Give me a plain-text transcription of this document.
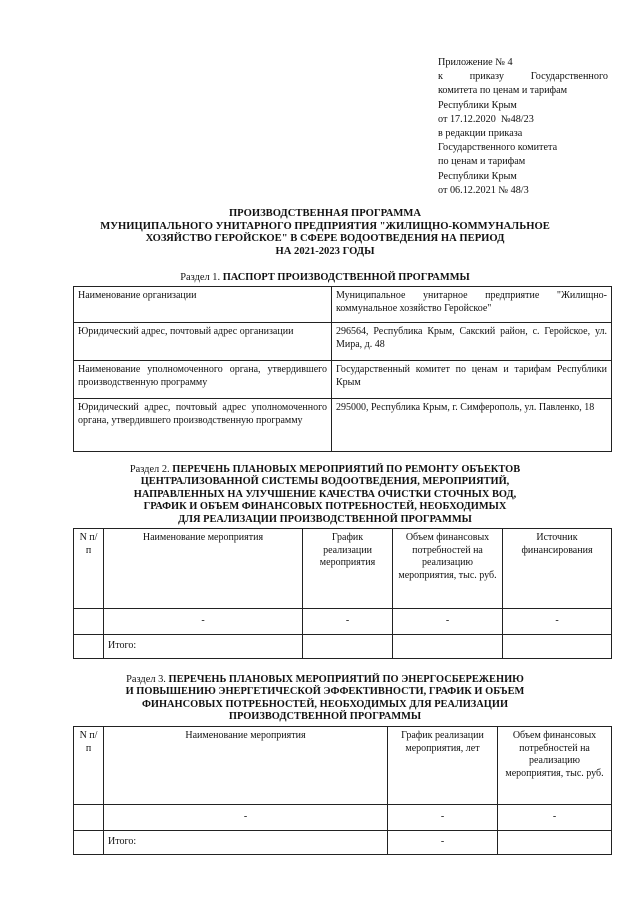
Приложение № 4
к	приказу	Государственного
комитета по ценам и тарифам
Республики Крым
от 17.12.2020  №48/23
в редакции приказа
Государственного комитета
по ценам и тарифам
Республики Крым
от 06.12.2021 № 48/3
ПРОИЗВОДСТВЕННАЯ ПРОГРАММА
МУНИЦИПАЛЬНОГО УНИТАРНОГО ПРЕДПРИЯТИЯ "ЖИЛИЩНО-КОММУНАЛЬНОЕ
ХОЗЯЙСТВО ГЕРОЙСКОЕ" В СФЕРЕ ВОДООТВЕДЕНИЯ НА ПЕРИОД
НА 2021-2023 ГОДЫ
Раздел 1. ПАСПОРТ ПРОИЗВОДСТВЕННОЙ ПРОГРАММЫ
Наименование организации	Муниципальное унитарное предприятие "Жилищно-коммунальное хозяйство Геройское"
Юридический адрес, почтовый адрес организации	296564, Республика Крым, Сакский район, с. Геройское, ул. Мира, д. 48
Наименование уполномоченного органа, утвердившего производственную программу	Государственный комитет по ценам и тарифам Республики Крым
Юридический адрес, почтовый адрес уполномоченного органа, утвердившего производственную программу	295000, Республика Крым, г. Симферополь, ул. Павленко, 18
Раздел 2. ПЕРЕЧЕНЬ ПЛАНОВЫХ МЕРОПРИЯТИЙ ПО РЕМОНТУ ОБЪЕКТОВ
ЦЕНТРАЛИЗОВАННОЙ СИСТЕМЫ ВОДООТВЕДЕНИЯ, МЕРОПРИЯТИЙ,
НАПРАВЛЕННЫХ НА УЛУЧШЕНИЕ КАЧЕСТВА ОЧИСТКИ СТОЧНЫХ ВОД,
ГРАФИК И ОБЪЕМ ФИНАНСОВЫХ ПОТРЕБНОСТЕЙ, НЕОБХОДИМЫХ
ДЛЯ РЕАЛИЗАЦИИ ПРОИЗВОДСТВЕННОЙ ПРОГРАММЫ
N п/п	Наименование мероприятия	График реализации мероприятия	Объем финансовых потребностей на реализацию мероприятия, тыс. руб.	Источник финансирования
	-	-	-	-
	Итого:			
Раздел 3. ПЕРЕЧЕНЬ ПЛАНОВЫХ МЕРОПРИЯТИЙ ПО ЭНЕРГОСБЕРЕЖЕНИЮ
И ПОВЫШЕНИЮ ЭНЕРГЕТИЧЕСКОЙ ЭФФЕКТИВНОСТИ, ГРАФИК И ОБЪЕМ
ФИНАНСОВЫХ ПОТРЕБНОСТЕЙ, НЕОБХОДИМЫХ ДЛЯ РЕАЛИЗАЦИИ
ПРОИЗВОДСТВЕННОЙ ПРОГРАММЫ
N п/п	Наименование мероприятия	График реализации мероприятия, лет	Объем финансовых потребностей на реализацию мероприятия, тыс. руб.
	-	-	-
	Итого:	-	
